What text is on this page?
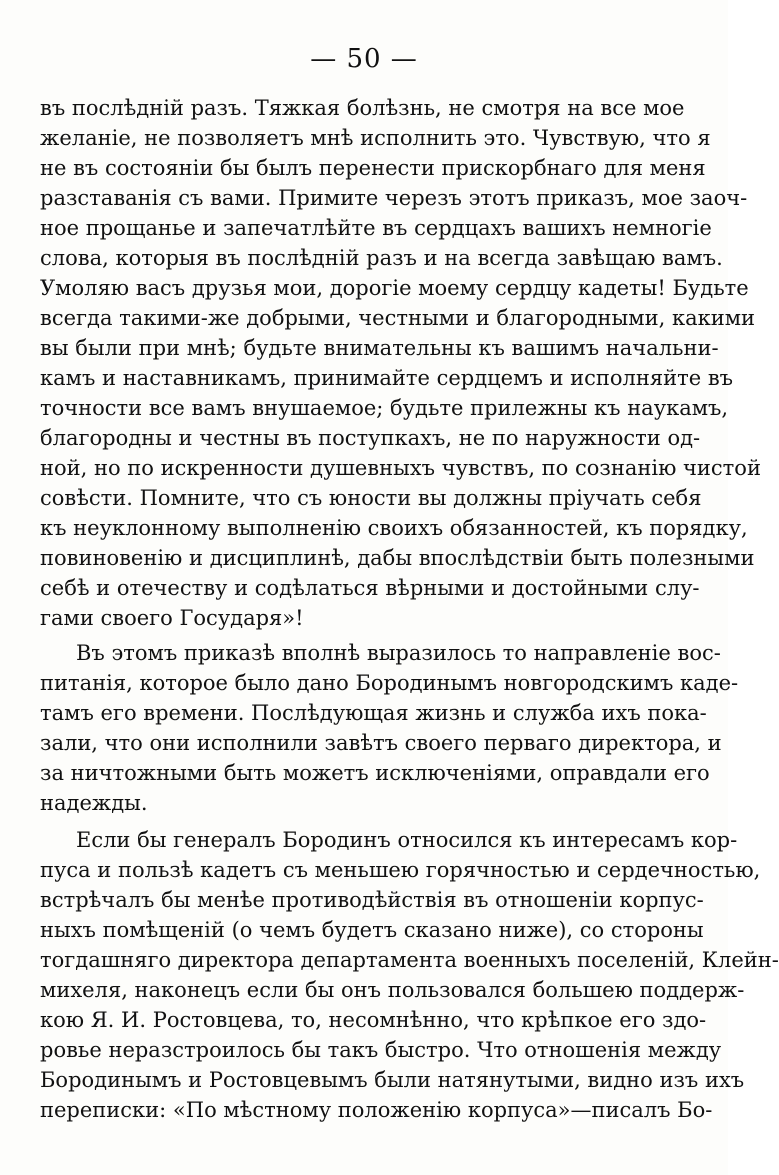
— 50 —
въ послѣдній разъ. Тяжкая болѣзнь, не смотря на все мое
желаніе, не позволяетъ мнѣ исполнить это. Чувствую, что я
не въ состояніи бы былъ перенести прискорбнаго для меня
разставанія съ вами. Примите черезъ этотъ приказъ, мое заоч-
ное прощанье и запечатлѣйте въ сердцахъ вашихъ немногіе
слова, которыя въ послѣдній разъ и на всегда завѣщаю вамъ.
Умоляю васъ друзья мои, дорогіе моему сердцу кадеты! Будьте
всегда такими-же добрыми, честными и благородными, какими
вы были при мнѣ; будьте внимательны къ вашимъ начальни-
камъ и наставникамъ, принимайте сердцемъ и исполняйте въ
точности все вамъ внушаемое; будьте прилежны къ наукамъ,
благородны и честны въ поступкахъ, не по наружности од-
ной, но по искренности душевныхъ чувствъ, по сознанію чистой
совѣсти. Помните, что съ юности вы должны пріучать себя
къ неуклонному выполненію своихъ обязанностей, къ порядку,
повиновенію и дисциплинѣ, дабы впослѣдствіи быть полезными
себѣ и отечеству и содѣлаться вѣрными и достойными слу-
гами своего Государя»!
Въ этомъ приказѣ вполнѣ выразилось то направленіе вос-
питанія, которое было дано Бородинымъ новгородскимъ каде-
тамъ его времени. Послѣдующая жизнь и служба ихъ пока-
зали, что они исполнили завѣтъ своего перваго директора, и
за ничтожными быть можетъ исключеніями, оправдали его
надежды.
Если бы генералъ Бородинъ относился къ интересамъ кор-
пуса и пользѣ кадетъ съ меньшею горячностью и сердечностью,
встрѣчалъ бы менѣе противодѣйствія въ отношеніи корпус-
ныхъ помѣщеній (о чемъ будетъ сказано ниже), со стороны
тогдашняго директора департамента военныхъ поселеній, Клейн-
михеля, наконецъ если бы онъ пользовался большею поддерж-
кою Я. И. Ростовцева, то, несомнѣнно, что крѣпкое его здо-
ровье неразстроилось бы такъ быстро. Что отношенія между
Бородинымъ и Ростовцевымъ были натянутыми, видно изъ ихъ
переписки: «По мѣстному положенію корпуса»—писалъ Бо-
